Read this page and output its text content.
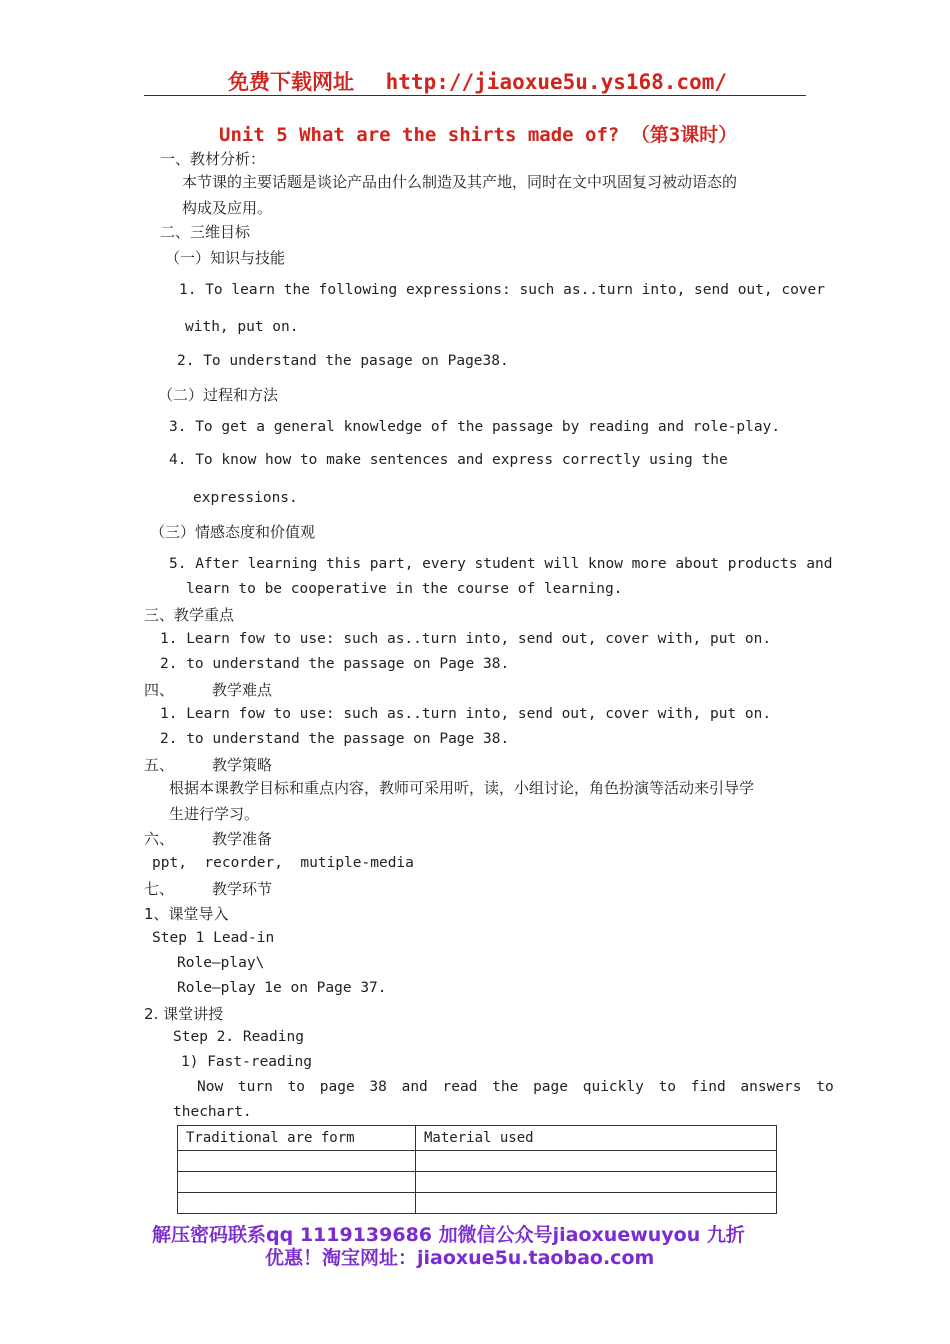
免费下载网址 http://jiaoxue5u.ys168.com/
Unit 5 What are the shirts made of? （第3课时）
一、教材分析：
本节课的主要话题是谈论产品由什么制造及其产地，同时在文中巩固复习被动语态的
构成及应用。
二、三维目标
（一）知识与技能
1. To learn the following expressions: such as..turn into, send out, cover
with, put on.
2. To understand the pasage on Page38.
（二）过程和方法
3. To get a general knowledge of the passage by reading and role-play.
4. To know how to make sentences and express correctly using the
expressions.
（三）情感态度和价值观
5. After learning this part, every student will know more about products and
learn to be cooperative in the course of learning.
三、教学重点
1. Learn fow to use: such as..turn into, send out, cover with, put on.
2. to understand the passage on Page 38.
四、	教学难点
1. Learn fow to use: such as..turn into, send out, cover with, put on.
2. to understand the passage on Page 38.
五、	教学策略
根据本课教学目标和重点内容，教师可采用听，读，小组讨论，角色扮演等活动来引导学
生进行学习。
六、	教学准备
ppt,  recorder,  mutiple-media
七、	教学环节
1、课堂导入
Step 1 Lead-in
Role—play\
Role—play 1e on Page 37.
2. 课堂讲授
Step 2. Reading
1) Fast-reading
Now turn to page 38 and read the page quickly to find answers to
thechart.
Traditional are form	Material used

解压密码联系qq 1119139686 加微信公众号jiaoxuewuyou 九折
优惠！淘宝网址：jiaoxue5u.taobao.com
